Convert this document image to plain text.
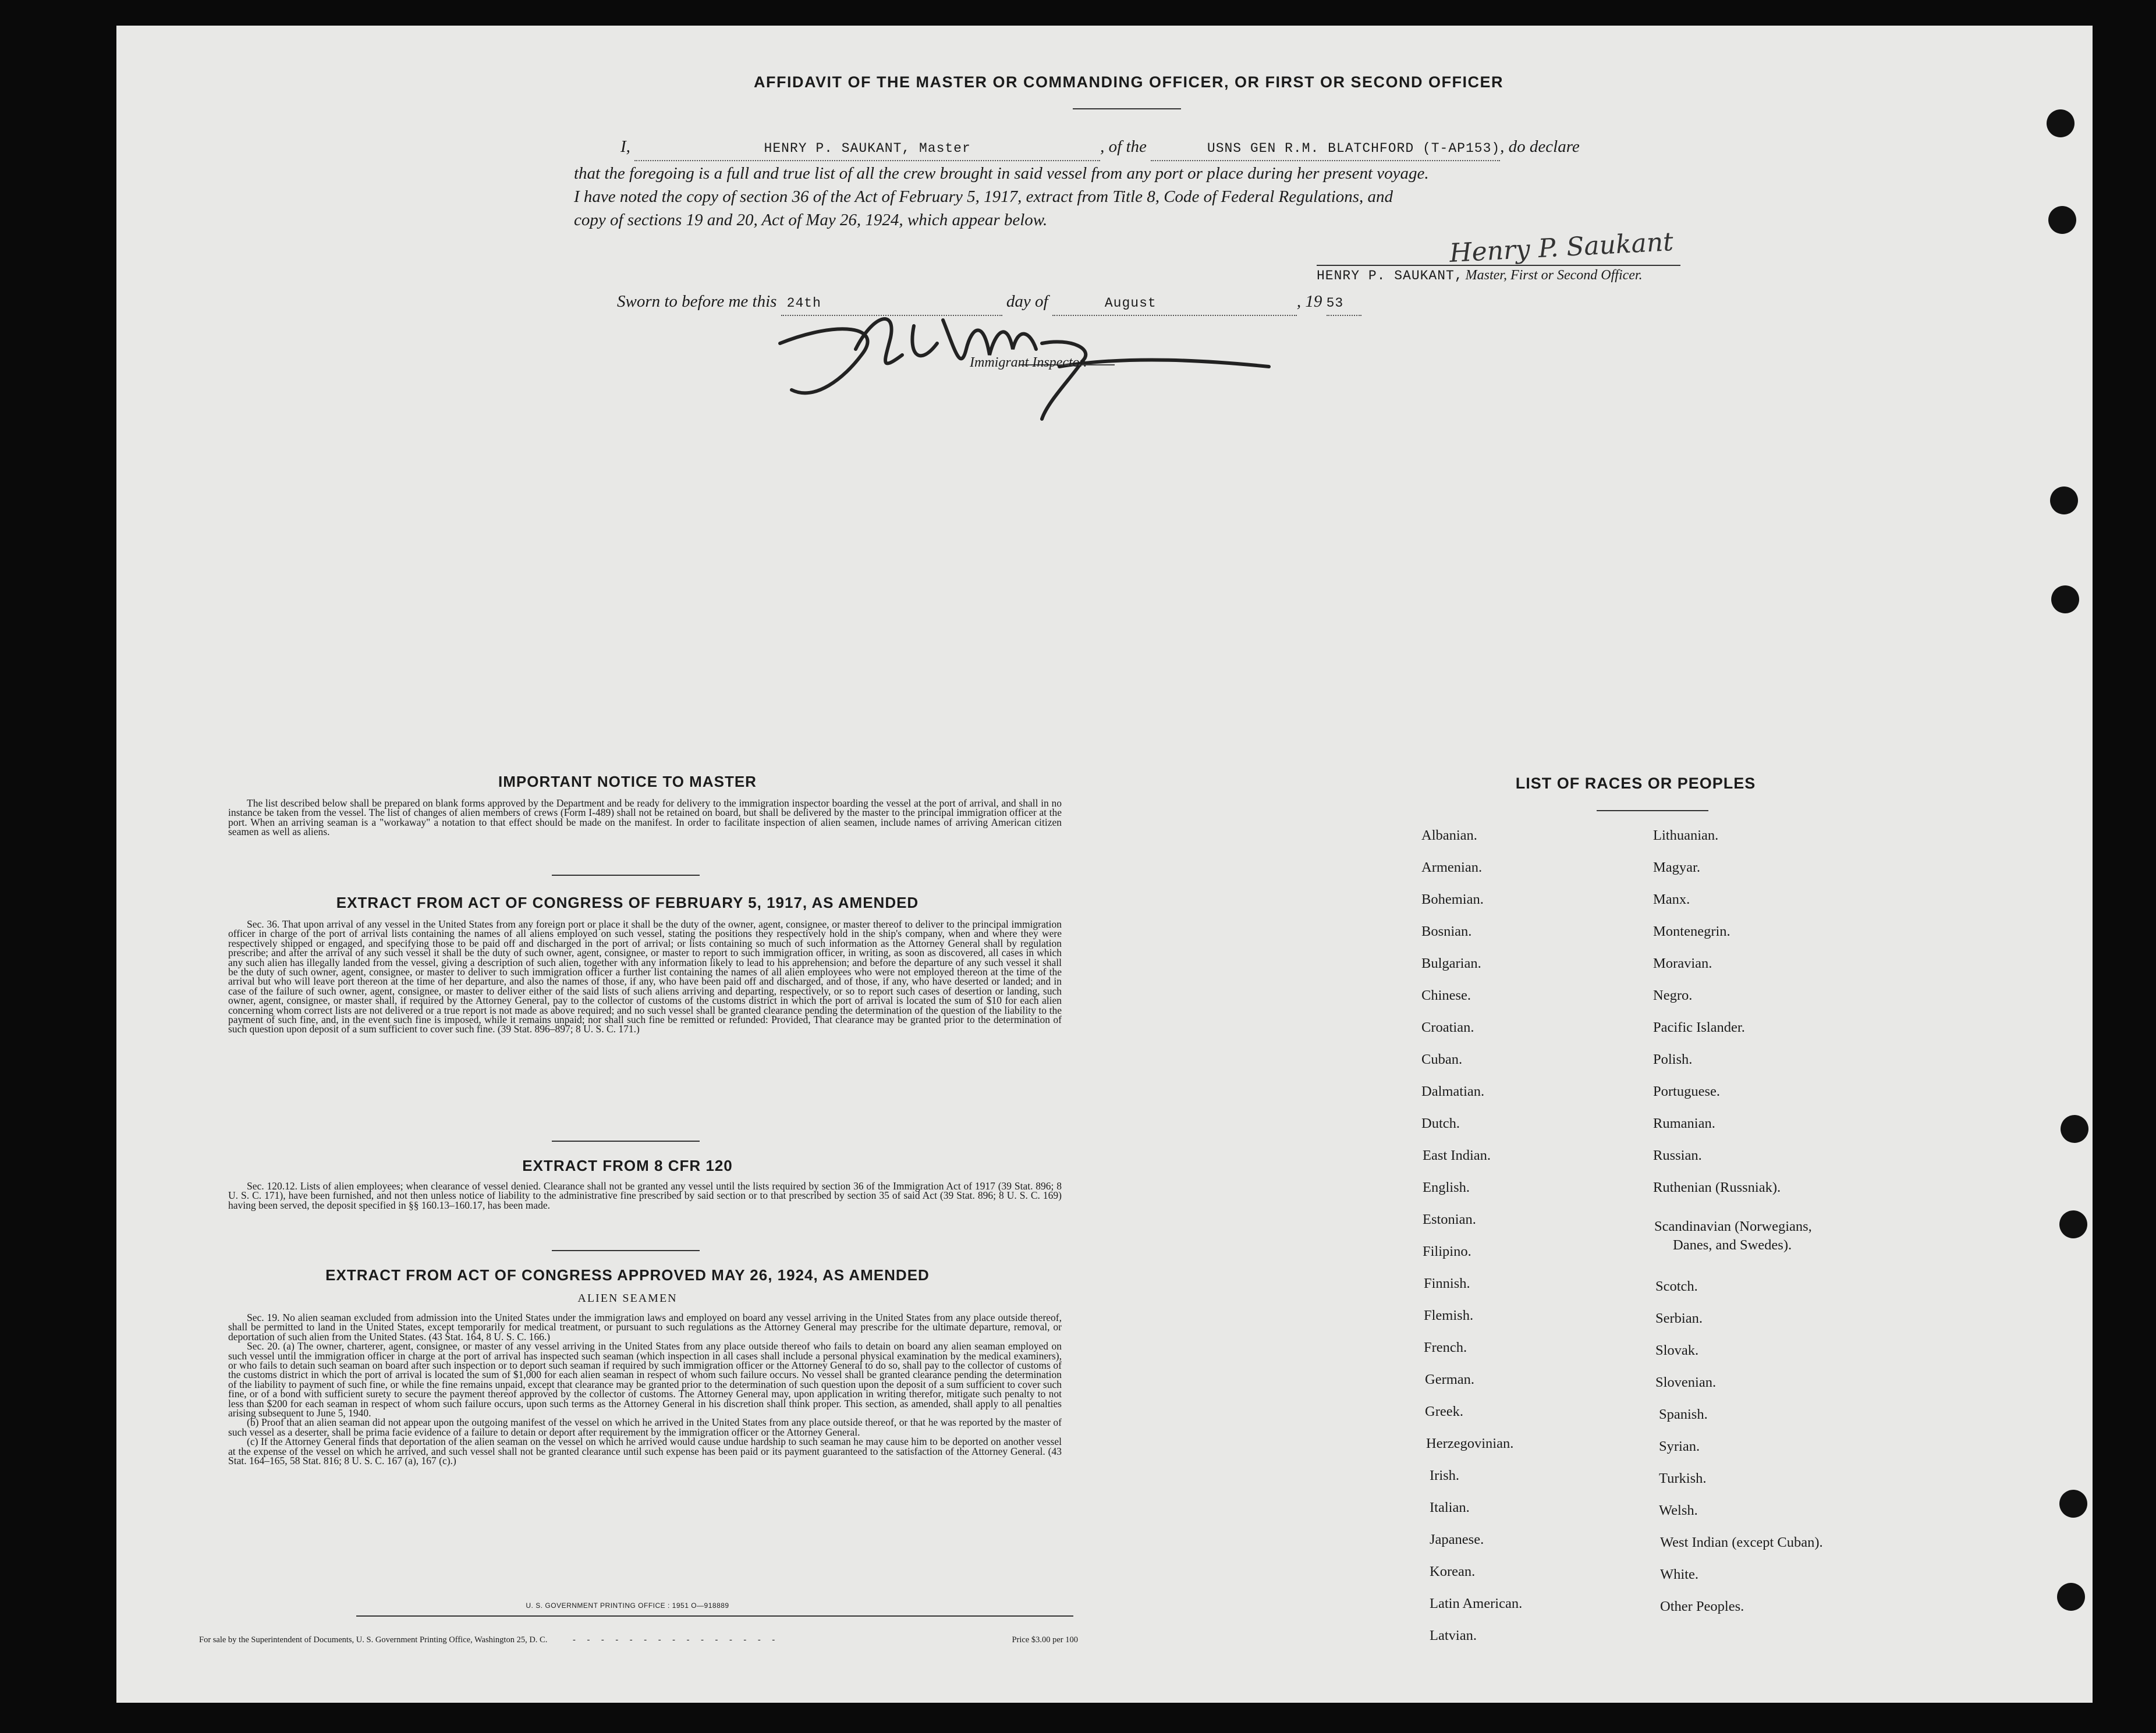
AFFIDAVIT OF THE MASTER OR COMMANDING OFFICER, OR FIRST OR SECOND OFFICER
I,	HENRY P. SAUKANT, Master	, of the	USNS GEN R.M. BLATCHFORD (T-AP153), do declare
that the foregoing is a full and true list of all the crew brought in said vessel from any port or place during her present voyage.
I have noted the copy of section 36 of the Act of February 5, 1917, extract from Title 8, Code of Federal Regulations, and
copy of sections 19 and 20, Act of May 26, 1924, which appear below.
Henry P. Saukant
HENRY P. SAUKANT, Master, First or Second Officer.
Sworn to before me this 24th	day of	August	, 19 53
Immigrant Inspector.
IMPORTANT NOTICE TO MASTER
The list described below shall be prepared on blank forms approved by the Department and be ready for delivery to the immigration inspector boarding the vessel at the port of arrival, and shall in no instance be taken from the vessel. The list of changes of alien members of crews (Form I-489) shall not be retained on board, but shall be delivered by the master to the principal immigration officer at the port. When an arriving seaman is a "workaway" a notation to that effect should be made on the manifest. In order to facilitate inspection of alien seamen, include names of arriving American citizen seamen as well as aliens.
EXTRACT FROM ACT OF CONGRESS OF FEBRUARY 5, 1917, AS AMENDED
Sec. 36. That upon arrival of any vessel in the United States from any foreign port or place it shall be the duty of the owner, agent, consignee, or master thereof to deliver to the principal immigration officer in charge of the port of arrival lists containing the names of all aliens employed on such vessel, stating the positions they respectively hold in the ship's company, when and where they were respectively shipped or engaged, and specifying those to be paid off and discharged in the port of arrival; or lists containing so much of such information as the Attorney General shall by regulation prescribe; and after the arrival of any such vessel it shall be the duty of such owner, agent, consignee, or master to report to such immigration officer, in writing, as soon as discovered, all cases in which any such alien has illegally landed from the vessel, giving a description of such alien, together with any information likely to lead to his apprehension; and before the departure of any such vessel it shall be the duty of such owner, agent, consignee, or master to deliver to such immigration officer a further list containing the names of all alien employees who were not employed thereon at the time of the arrival but who will leave port thereon at the time of her departure, and also the names of those, if any, who have been paid off and discharged, and of those, if any, who have deserted or landed; and in case of the failure of such owner, agent, consignee, or master to deliver either of the said lists of such aliens arriving and departing, respectively, or so to report such cases of desertion or landing, such owner, agent, consignee, or master shall, if required by the Attorney General, pay to the collector of customs of the customs district in which the port of arrival is located the sum of $10 for each alien concerning whom correct lists are not delivered or a true report is not made as above required; and no such vessel shall be granted clearance pending the determination of the question of the liability to the payment of such fine, and, in the event such fine is imposed, while it remains unpaid; nor shall such fine be remitted or refunded: Provided, That clearance may be granted prior to the determination of such question upon deposit of a sum sufficient to cover such fine. (39 Stat. 896–897; 8 U. S. C. 171.)
EXTRACT FROM 8 CFR 120
Sec. 120.12. Lists of alien employees; when clearance of vessel denied. Clearance shall not be granted any vessel until the lists required by section 36 of the Immigration Act of 1917 (39 Stat. 896; 8 U. S. C. 171), have been furnished, and not then unless notice of liability to the administrative fine prescribed by said section or to that prescribed by section 35 of said Act (39 Stat. 896; 8 U. S. C. 169) having been served, the deposit specified in §§ 160.13–160.17, has been made.
EXTRACT FROM ACT OF CONGRESS APPROVED MAY 26, 1924, AS AMENDED
ALIEN SEAMEN
Sec. 19. No alien seaman excluded from admission into the United States under the immigration laws and employed on board any vessel arriving in the United States from any place outside thereof, shall be permitted to land in the United States, except temporarily for medical treatment, or pursuant to such regulations as the Attorney General may prescribe for the ultimate departure, removal, or deportation of such alien from the United States. (43 Stat. 164, 8 U. S. C. 166.)
Sec. 20. (a) The owner, charterer, agent, consignee, or master of any vessel arriving in the United States from any place outside thereof who fails to detain on board any alien seaman employed on such vessel until the immigration officer in charge at the port of arrival has inspected such seaman (which inspection in all cases shall include a personal physical examination by the medical examiners), or who fails to detain such seaman on board after such inspection or to deport such seaman if required by such immigration officer or the Attorney General to do so, shall pay to the collector of customs of the customs district in which the port of arrival is located the sum of $1,000 for each alien seaman in respect of whom such failure occurs. No vessel shall be granted clearance pending the determination of the liability to payment of such fine, or while the fine remains unpaid, except that clearance may be granted prior to the determination of such question upon the deposit of a sum sufficient to cover such fine, or of a bond with sufficient surety to secure the payment thereof approved by the collector of customs. The Attorney General may, upon application in writing therefor, mitigate such penalty to not less than $200 for each seaman in respect of whom such failure occurs, upon such terms as the Attorney General in his discretion shall think proper. This section, as amended, shall apply to all penalties arising subsequent to June 5, 1940.
(b) Proof that an alien seaman did not appear upon the outgoing manifest of the vessel on which he arrived in the United States from any place outside thereof, or that he was reported by the master of such vessel as a deserter, shall be prima facie evidence of a failure to detain or deport after requirement by the immigration officer or the Attorney General.
(c) If the Attorney General finds that deportation of the alien seaman on the vessel on which he arrived would cause undue hardship to such seaman he may cause him to be deported on another vessel at the expense of the vessel on which he arrived, and such vessel shall not be granted clearance until such expense has been paid or its payment guaranteed to the satisfaction of the Attorney General. (43 Stat. 164–165, 58 Stat. 816; 8 U. S. C. 167 (a), 167 (c).)
U. S. GOVERNMENT PRINTING OFFICE : 1951 O—918889
For sale by the Superintendent of Documents, U. S. Government Printing Office, Washington 25, D. C.	- - - - - - - - - - - - - - -	Price $3.00 per 100
LIST OF RACES OR PEOPLES
Albanian.
Armenian.
Bohemian.
Bosnian.
Bulgarian.
Chinese.
Croatian.
Cuban.
Dalmatian.
Dutch.
East Indian.
English.
Estonian.
Filipino.
Finnish.
Flemish.
French.
German.
Greek.
Herzegovinian.
Irish.
Italian.
Japanese.
Korean.
Latin American.
Latvian.
Lithuanian.
Magyar.
Manx.
Montenegrin.
Moravian.
Negro.
Pacific Islander.
Polish.
Portuguese.
Rumanian.
Russian.
Ruthenian (Russniak).
Scandinavian (Norwegians,
Danes, and Swedes).
Scotch.
Serbian.
Slovak.
Slovenian.
Spanish.
Syrian.
Turkish.
Welsh.
West Indian (except Cuban).
White.
Other Peoples.
